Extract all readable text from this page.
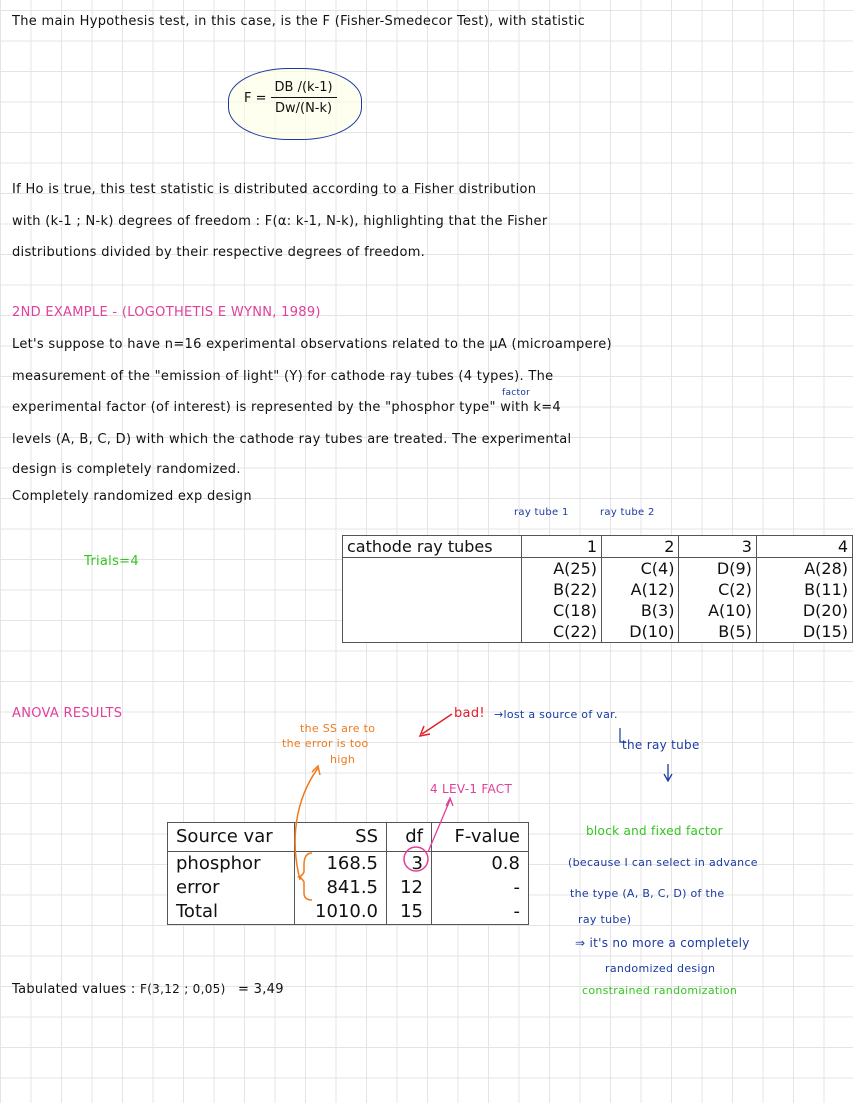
The main Hypothesis test, in this case, is the F (Fisher-Smedecor Test), with statistic
$F = \frac{DB /(k-1)}{Dw/(N-k)}$
If Ho is true, this test statistic is distributed according to a Fisher distribution
with (k-1 ; N-k) degrees of freedom : F(α: k-1, N-k), highlighting that the Fisher
distributions divided by their respective degrees of freedom.
2ND EXAMPLE - (LOGOTHETIS E WYNN, 1989)
Let's suppose to have n=16 experimental observations related to the μA (microampere)
measurement of the "emission of light" (Y) for cathode ray tubes (4 types). The
factor
experimental factor (of interest) is represented by the "phosphor type" with k=4
levels (A, B, C, D) with which the cathode ray tubes are treated. The experimental
design is completely randomized.
Completely randomized exp design
ray tube 1	ray tube 2
Trials=4
cathode ray tubes	1	2	3	4
	A(25)	C(4)	D(9)	A(28)
	B(22)	A(12)	C(2)	B(11)
	C(18)	B(3)	A(10)	D(20)
	C(22)	D(10)	B(5)	D(15)
ANOVA RESULTS
the SS are to
the error is too
high
bad! →lost a source of var.
the ray tube
4 LEV-1 FACT
block and fixed factor
(because I can select in advance
the type (A, B, C, D) of the
ray tube)
⇒ it's no more a completely
randomized design
constrained randomization
Source var	SS	df	F-value
phosphor	168.5	3	0.8
error	841.5	12	-
Total	1010.0	15	-
Tabulated values : F(3,12 ; 0,05) = 3,49
